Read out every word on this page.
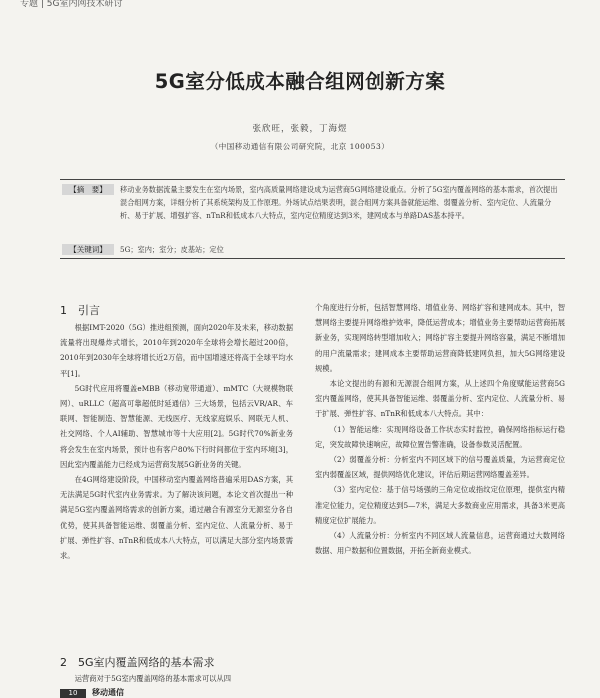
专题 | 5G室内网技术研讨
5G室分低成本融合组网创新方案
张欣旺，张毅，丁海煜
（中国移动通信有限公司研究院，北京 100053）
【摘　要】	移动业务数据流量主要发生在室内场景，室内高质量网络建设成为运营商5G网络建设重点。分析了5G室内覆盖网络的基本需求，首次提出混合组网方案，详细分析了其系统架构及工作原理。外场试点结果表明，混合组网方案具备就能运维、弱覆盖分析、室内定位、人流量分析、易于扩展、增强扩容、nTnR和低成本八大特点，室内定位精度达到3米，建网成本与单路DAS基本持平。
【关键词】	5G；室内；室分；皮基站；定位
1　引言

根据IMT-2020（5G）推进组预测，面向2020年及未来，移动数据流量将出现爆炸式增长，2010年到2020年全球将会增长超过200倍，2010年到2030年全球将增长近2万倍，而中国增速还将高于全球平均水平[1]。

5G时代应用将覆盖eMBB（移动宽带通道）、mMTC（大规模物联网）、uRLLC（超高可靠超低时延通信）三大场景，包括云VR/AR、车联网、智能制造、智慧能源、无线医疗、无线家庭娱乐、网联无人机、社交网络、个人AI辅助、智慧城市等十大应用[2]。5G时代70%新业务将会发生在室内场景，预计也有客户80%下行时间都位于室内环境[3]，因此室内覆盖能力已经成为运营商发展5G新业务的关键。

在4G网络建设阶段，中国移动室内覆盖网络普遍采用DAS方案，其无法满足5G时代室内业务需求。为了解决该问题，本论文首次提出一种满足5G室内覆盖网络需求的创新方案，通过融合有源室分无源室分各自优势，使其具备智能运维、弱覆盖分析、室内定位、人流量分析、易于扩展、弹性扩容、nTnR和低成本八大特点，可以满足大部分室内场景需求。

2　5G室内覆盖网络的基本需求

运营商对于5G室内覆盖网络的基本需求可以从四

个角度进行分析，包括智慧网络、增值业务、网络扩容和建网成本。其中，智慧网络主要提升网络维护效率，降低运营成本；增值业务主要帮助运营商拓展新业务，实现网络转型增加收入；网络扩容主要提升网络容量，满足不断增加的用户流量需求；建网成本主要帮助运营商降低建网负担，加大5G网络建设规模。

本论文提出的有源和无源混合组网方案，从上述四个角度赋能运营商5G室内覆盖网络，使其具备智能运维、弱覆盖分析、室内定位、人流量分析、易于扩展、弹性扩容、nTnR和低成本八大特点。其中：

（1）智能运维：实现网络设备工作状态实时监控，确保网络指标运行稳定，突发故障快速响应，故障位置告警准确，设备参数灵活配置。

（2）弱覆盖分析：分析室内不同区域下的信号覆盖质量，为运营商定位室内弱覆盖区域，提供网络优化建议，评估后期运营网络覆盖差异。

（3）室内定位：基于信号场强的三角定位或指纹定位原理，提供室内精准定位能力，定位精度达到5—7米，满足大多数商业应用需求，具备3米更高精度定位扩展能力。

（4）人流量分析：分析室内不同区域人流量信息，运营商通过大数网络数据、用户数据和位置数据，开拓全新商业模式。

10	移动通信
